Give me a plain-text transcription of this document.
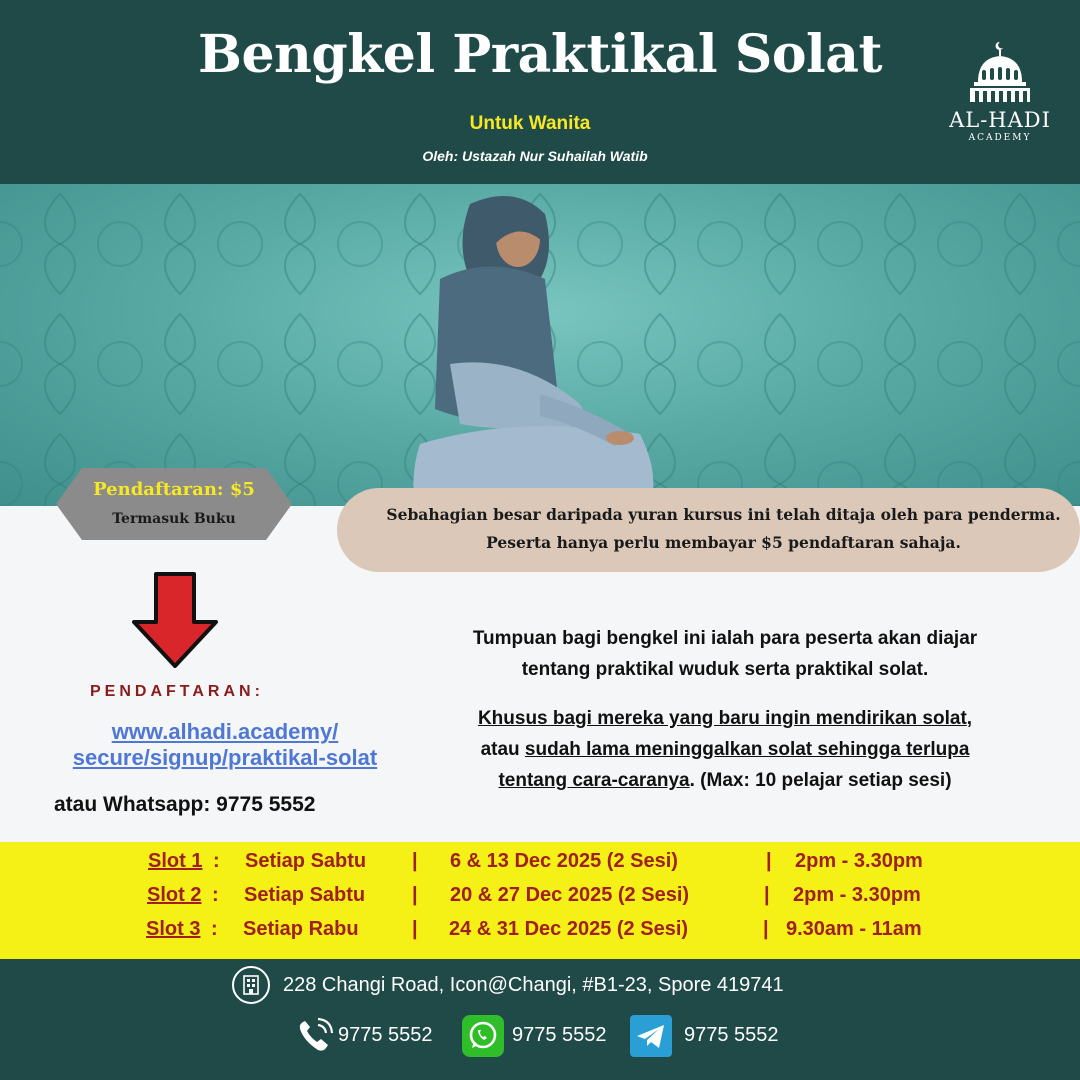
Bengkel Praktikal Solat
Untuk Wanita
Oleh: Ustazah Nur Suhailah Watib
AL-HADI
ACADEMY
Pendaftaran: $5
Termasuk Buku	Sebahagian besar daripada yuran kursus ini telah ditaja oleh para penderma.
Peserta hanya perlu membayar $5 pendaftaran sahaja.
PENDAFTARAN:
www.alhadi.academy/
secure/signup/praktikal-solat
atau Whatsapp: 9775 5552
Tumpuan bagi bengkel ini ialah para peserta akan diajar
tentang praktikal wuduk serta praktikal solat.
Khusus bagi mereka yang baru ingin mendirikan solat,
atau sudah lama meninggalkan solat sehingga terlupa
tentang cara-caranya. (Max: 10 pelajar setiap sesi)
Slot 1 : Setiap Sabtu | 6 & 13 Dec 2025 (2 Sesi)	| 2pm - 3.30pm
Slot 2 : Setiap Sabtu | 20 & 27 Dec 2025 (2 Sesi)	| 2pm - 3.30pm
Slot 3 : Setiap Rabu	| 24 & 31 Dec 2025 (2 Sesi)	| 9.30am - 11am
228 Changi Road, Icon@Changi, #B1-23, Spore 419741
9775 5552	9775 5552	9775 5552
